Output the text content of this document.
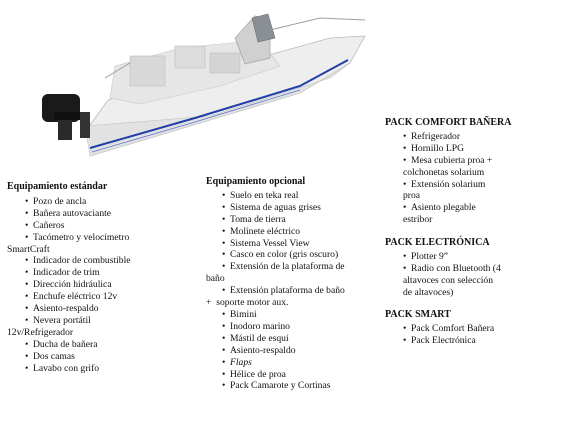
Equipamiento estándar
• Pozo de ancla
• Bañera autovaciante
• Cañeros
• Tacómetro y velocímetro
SmartCraft
• Indicador de combustible
• Indicador de trim
• Dirección hidráulica
• Enchufe eléctrico 12v
• Asiento-respaldo
• Nevera portátil
12v/Refrigerador
• Ducha de bañera
• Dos camas
• Lavabo con grifo
Equipamiento opcional
• Suelo en teka real
• Sistema de aguas grises
• Toma de tierra
• Molinete eléctrico
• Sistema Vessel View
• Casco en color (gris oscuro)
• Extensión de la plataforma de
baño
• Extensión plataforma de baño
+ soporte motor aux.
• Bimini
• Inodoro marino
• Mástil de esquí
• Asiento-respaldo
• Flaps
• Hélice de proa
• Pack Camarote y Cortinas
PACK COMFORT BAÑERA
• Refrigerador
• Hornillo LPG
• Mesa cubierta proa +
colchonetas solarium
• Extensión solarium
proa
• Asiento plegable
estribor
PACK ELECTRÓNICA
• Plotter 9”
• Radio con Bluetooth (4
altavoces con selección
de altavoces)
PACK SMART
• Pack Comfort Bañera
• Pack Electrónica
